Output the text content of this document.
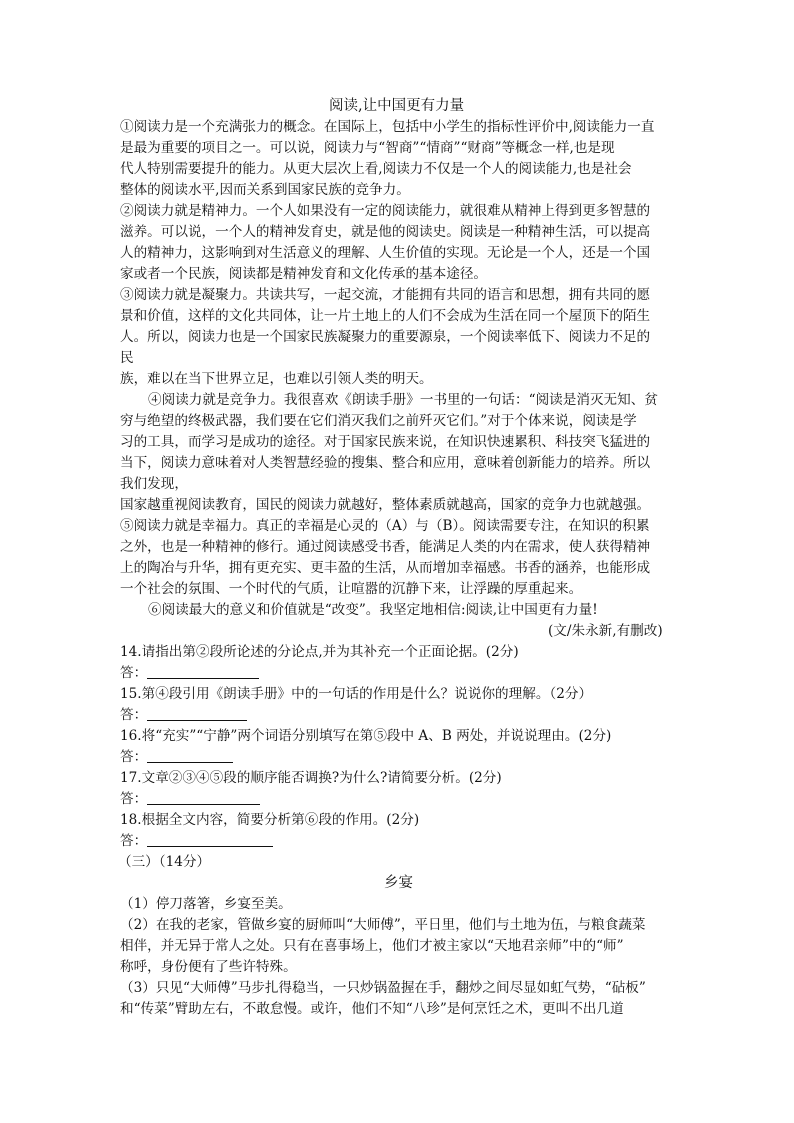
阅读,让中国更有力量
①阅读力是一个充满张力的概念。在国际上，包括中小学生的指标性评价中,阅读能力一直
是最为重要的项目之一。可以说，阅读力与“智商”“情商”“财商”等概念一样,也是现
代人特别需要提升的能力。从更大层次上看,阅读力不仅是一个人的阅读能力,也是社会
整体的阅读水平,因而关系到国家民族的竞争力。
②阅读力就是精神力。一个人如果没有一定的阅读能力，就很难从精神上得到更多智慧的
滋养。可以说，一个人的精神发育史，就是他的阅读史。阅读是一种精神生活，可以提高
人的精神力，这影响到对生活意义的理解、人生价值的实现。无论是一个人，还是一个国
家或者一个民族，阅读都是精神发育和文化传承的基本途径。
③阅读力就是凝聚力。共读共写，一起交流，才能拥有共同的语言和思想，拥有共同的愿
景和价值，这样的文化共同体，让一片土地上的人们不会成为生活在同一个屋顶下的陌生
人。所以，阅读力也是一个国家民族凝聚力的重要源泉，一个阅读率低下、阅读力不足的
民
族，难以在当下世界立足，也难以引领人类的明天。
④阅读力就是竞争力。我很喜欢《朗读手册》一书里的一句话：“阅读是消灭无知、贫
穷与绝望的终极武器，我们要在它们消灭我们之前歼灭它们。”对于个体来说，阅读是学
习的工具，而学习是成功的途径。对于国家民族来说，在知识快速累积、科技突飞猛进的
当下，阅读力意味着对人类智慧经验的搜集、整合和应用，意味着创新能力的培养。所以
我们发现，
国家越重视阅读教育，国民的阅读力就越好，整体素质就越高，国家的竞争力也就越强。
⑤阅读力就是幸福力。真正的幸福是心灵的（A）与（B）。阅读需要专注，在知识的积累
之外，也是一种精神的修行。通过阅读感受书香，能满足人类的内在需求，使人获得精神
上的陶冶与升华，拥有更充实、更丰盈的生活，从而增加幸福感。书香的涵养，也能形成
一个社会的氛围、一个时代的气质，让喧嚣的沉静下来，让浮躁的厚重起来。
⑥阅读最大的意义和价值就是“改变”。我坚定地相信:阅读,让中国更有力量!
(文/朱永新,有删改)
14.请指出第②段所论述的分论点,并为其补充一个正面论据。(2分)
答：
15.第④段引用《朗读手册》中的一句话的作用是什么？说说你的理解。（2分）
答：
16.将“充实”“宁静”两个词语分别填写在第⑤段中 A、B 两处，并说说理由。(2分)
答：
17.文章②③④⑤段的顺序能否调换?为什么?请简要分析。(2分)
答：
18.根据全文内容，简要分析第⑥段的作用。(2分)
答：
（三）（14分）
乡宴
（1）停刀落箸，乡宴至美。
（2）在我的老家，管做乡宴的厨师叫“大师傅”，平日里，他们与土地为伍，与粮食蔬菜
相伴，并无异于常人之处。只有在喜事场上，他们才被主家以“天地君亲师”中的“师”
称呼，身份便有了些许特殊。
（3）只见“大师傅”马步扎得稳当，一只炒锅盈握在手，翻炒之间尽显如虹气势，“砧板”
和“传菜”臂助左右，不敢怠慢。或许，他们不知“八珍”是何烹饪之术，更叫不出几道
